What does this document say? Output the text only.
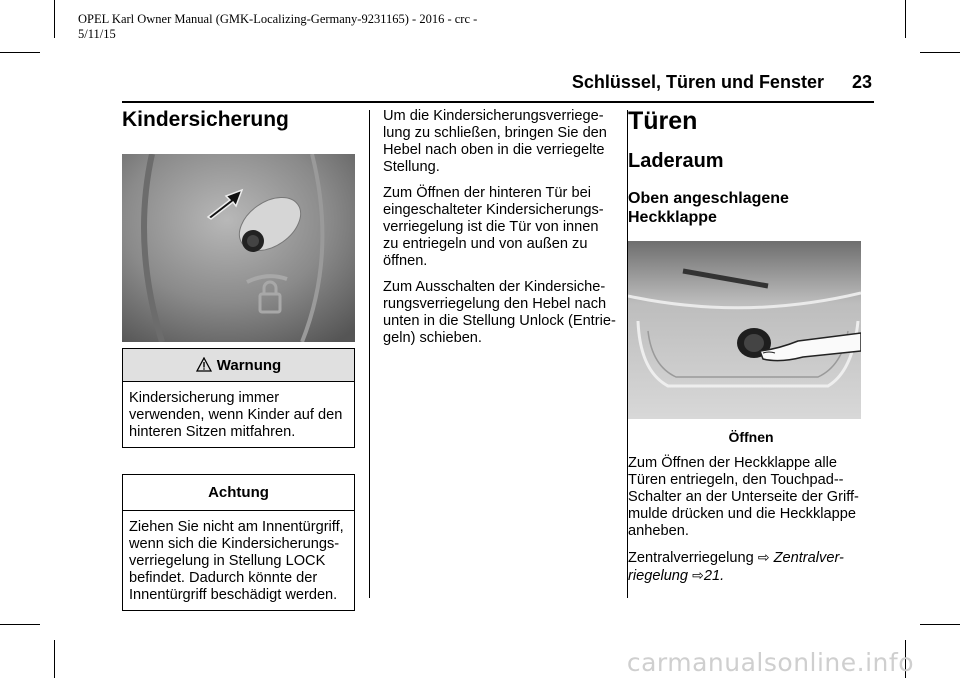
OPEL Karl Owner Manual (GMK-Localizing-Germany-9231165) - 2016 - crc -
5/11/15
Schlüssel, Türen und Fenster 23
Kindersicherung
Warnung
Kindersicherung immer verwenden, wenn Kinder auf den hinteren Sitzen mitfahren.
Achtung
Ziehen Sie nicht am Innentürgriff, wenn sich die Kindersicherungs-verriegelung in Stellung LOCK befindet. Dadurch könnte der Innentürgriff beschädigt werden.

Um die Kindersicherungsverriege-lung zu schließen, bringen Sie den Hebel nach oben in die verriegelte Stellung.

Zum Öffnen der hinteren Tür bei eingeschalteter Kindersicherungs-verriegelung ist die Tür von innen zu entriegeln und von außen zu öffnen.

Zum Ausschalten der Kindersiche-rungsverriegelung den Hebel nach unten in die Stellung Unlock (Entrie-geln) schieben.

Türen
Laderaum
Oben angeschlagene Heckklappe
Öffnen

Zum Öffnen der Heckklappe alle Türen entriegeln, den Touchpad--Schalter an der Unterseite der Griff-mulde drücken und die Heckklappe anheben.

Zentralverriegelung ⇨ Zentralver-riegelung ⇨21.

carmanualsonline.info
